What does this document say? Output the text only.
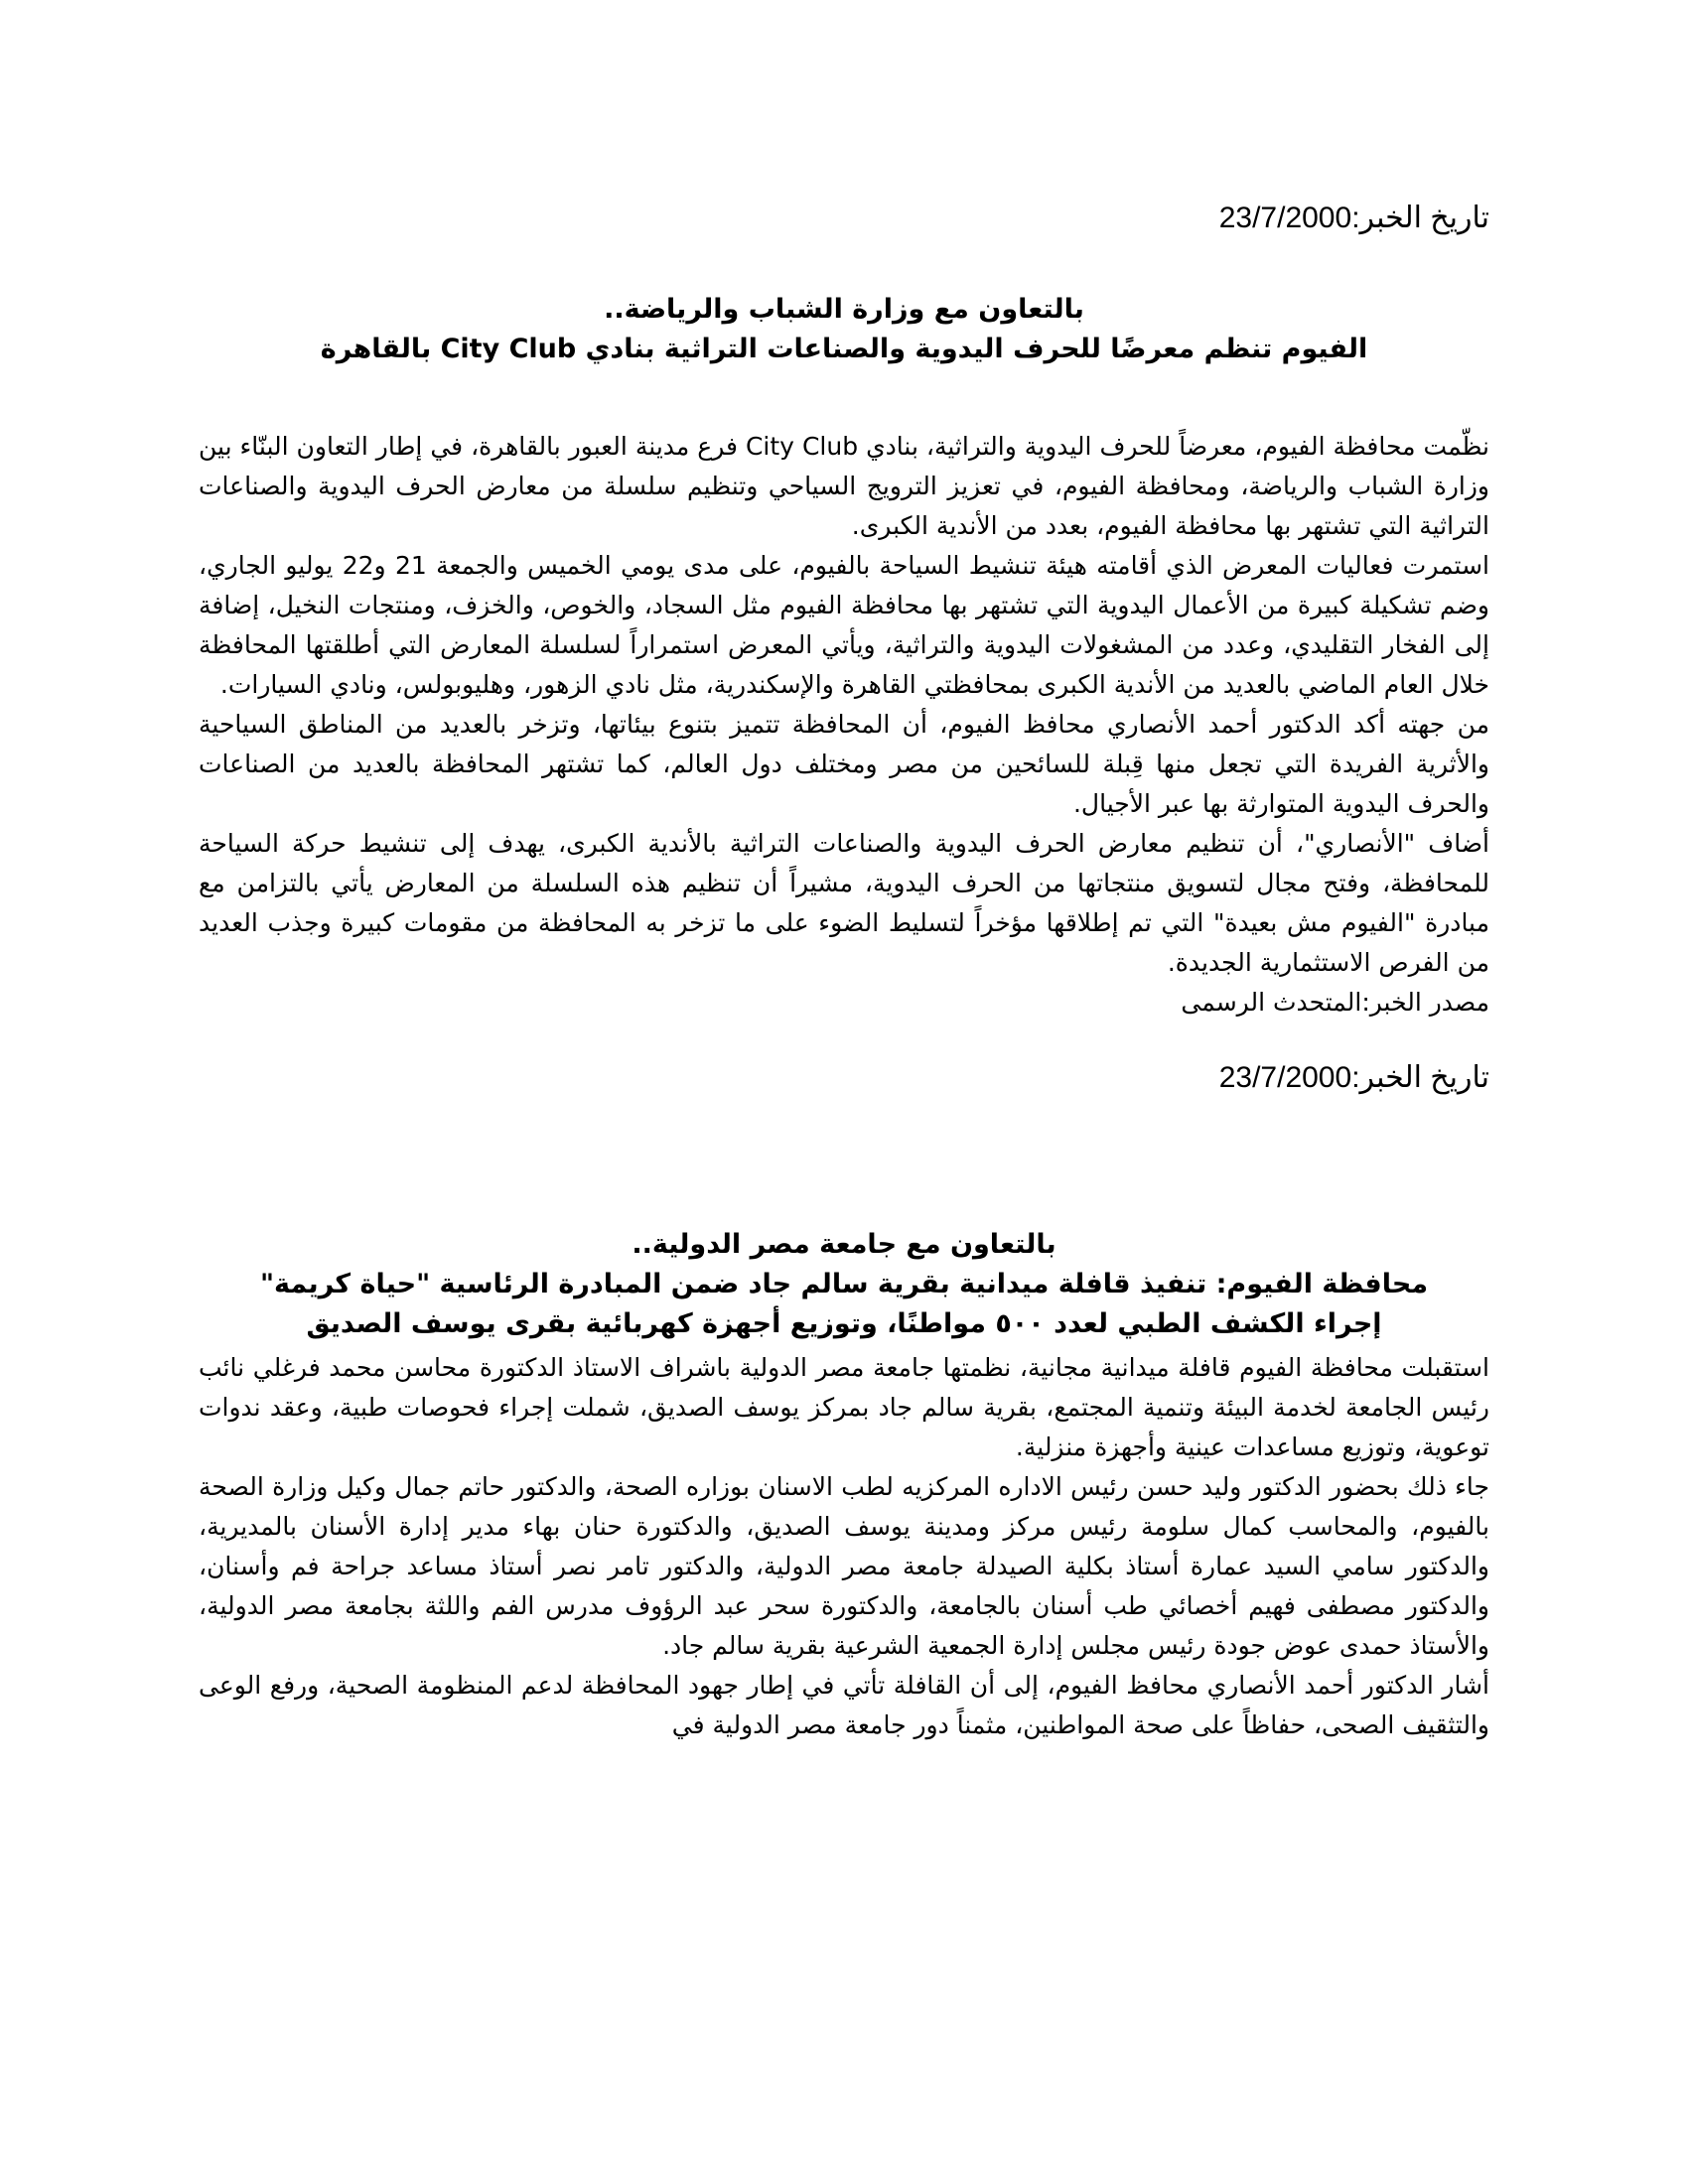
تاريخ الخبر:23/7/2000

بالتعاون مع وزارة الشباب والرياضة..

الفيوم تنظم معرضًا للحرف اليدوية والصناعات التراثية بنادي City Club بالقاهرة

نظّمت محافظة الفيوم، معرضاً للحرف اليدوية والتراثية، بنادي City Club فرع مدينة العبور بالقاهرة، في إطار التعاون البنّاء بين وزارة الشباب والرياضة، ومحافظة الفيوم، في تعزيز الترويج السياحي وتنظيم سلسلة من معارض الحرف اليدوية والصناعات التراثية التي تشتهر بها محافظة الفيوم، بعدد من الأندية الكبرى.

استمرت فعاليات المعرض الذي أقامته هيئة تنشيط السياحة بالفيوم، على مدى يومي الخميس والجمعة 21 و22 يوليو الجاري، وضم تشكيلة كبيرة من الأعمال اليدوية التي تشتهر بها محافظة الفيوم مثل السجاد، والخوص، والخزف، ومنتجات النخيل، إضافة إلى الفخار التقليدي، وعدد من المشغولات اليدوية والتراثية، ويأتي المعرض استمراراً لسلسلة المعارض التي أطلقتها المحافظة خلال العام الماضي بالعديد من الأندية الكبرى بمحافظتي القاهرة والإسكندرية، مثل نادي الزهور، وهليوبولس، ونادي السيارات.

من جهته أكد الدكتور أحمد الأنصاري محافظ الفيوم، أن المحافظة تتميز بتنوع بيئاتها، وتزخر بالعديد من المناطق السياحية والأثرية الفريدة التي تجعل منها قِبلة للسائحين من مصر ومختلف دول العالم، كما تشتهر المحافظة بالعديد من الصناعات والحرف اليدوية المتوارثة بها عبر الأجيال.

أضاف "الأنصاري"، أن تنظيم معارض الحرف اليدوية والصناعات التراثية بالأندية الكبرى، يهدف إلى تنشيط حركة السياحة للمحافظة، وفتح مجال لتسويق منتجاتها من الحرف اليدوية، مشيراً أن تنظيم هذه السلسلة من المعارض يأتي بالتزامن مع مبادرة "الفيوم مش بعيدة" التي تم إطلاقها مؤخراً لتسليط الضوء على ما تزخر به المحافظة من مقومات كبيرة وجذب العديد من الفرص الاستثمارية الجديدة.

مصدر الخبر:المتحدث الرسمى

تاريخ الخبر:23/7/2000

بالتعاون مع جامعة مصر الدولية..

محافظة الفيوم: تنفيذ قافلة ميدانية بقرية سالم جاد ضمن المبادرة الرئاسية "حياة كريمة"

إجراء الكشف الطبي لعدد ٥٠٠ مواطنًا، وتوزيع أجهزة كهربائية بقرى يوسف الصديق

استقبلت محافظة الفيوم قافلة ميدانية مجانية، نظمتها جامعة مصر الدولية باشراف الاستاذ الدكتورة محاسن محمد فرغلي نائب رئيس الجامعة لخدمة البيئة وتنمية المجتمع، بقرية سالم جاد بمركز يوسف الصديق، شملت إجراء فحوصات طبية، وعقد ندوات توعوية، وتوزيع مساعدات عينية وأجهزة منزلية.

جاء ذلك بحضور الدكتور وليد حسن رئيس الاداره المركزيه لطب الاسنان بوزاره الصحة، والدكتور حاتم جمال وكيل وزارة الصحة بالفيوم، والمحاسب كمال سلومة رئيس مركز ومدينة يوسف الصديق، والدكتورة حنان بهاء مدير إدارة الأسنان بالمديرية، والدكتور سامي السيد عمارة أستاذ بكلية الصيدلة جامعة مصر الدولية، والدكتور تامر نصر أستاذ مساعد جراحة فم وأسنان، والدكتور مصطفى فهيم أخصائي طب أسنان بالجامعة، والدكتورة سحر عبد الرؤوف مدرس الفم واللثة بجامعة مصر الدولية، والأستاذ حمدى عوض جودة رئيس مجلس إدارة الجمعية الشرعية بقرية سالم جاد.

أشار الدكتور أحمد الأنصاري محافظ الفيوم، إلى أن القافلة تأتي في إطار جهود المحافظة لدعم المنظومة الصحية، ورفع الوعى والتثقيف الصحى، حفاظاً على صحة المواطنين، مثمناً دور جامعة مصر الدولية في
